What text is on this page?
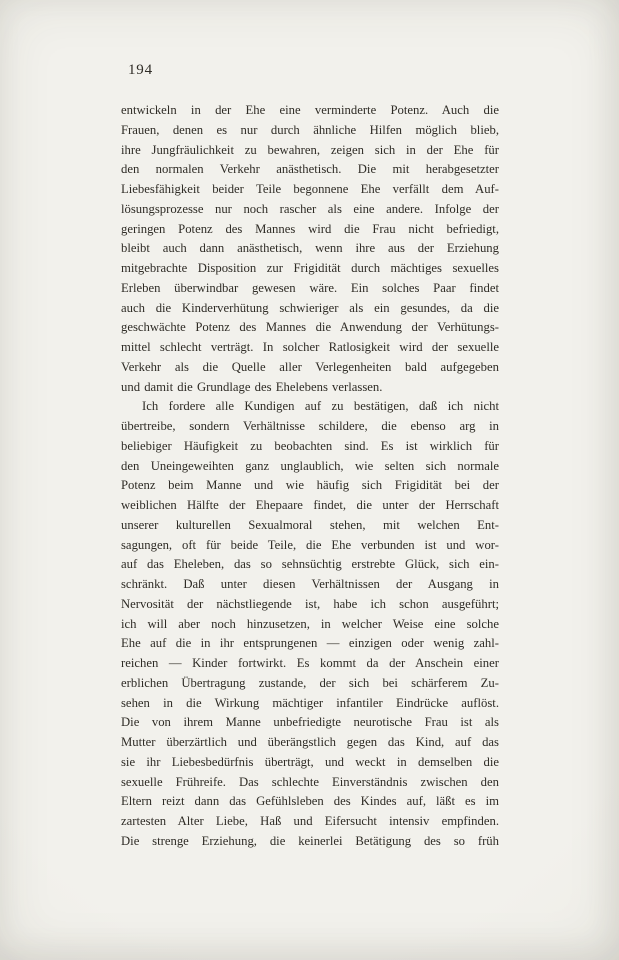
194
entwickeln in der Ehe eine verminderte Potenz. Auch die
Frauen, denen es nur durch ähnliche Hilfen möglich blieb,
ihre Jungfräulichkeit zu bewahren, zeigen sich in der Ehe für
den normalen Verkehr anästhetisch. Die mit herabgesetzter
Liebesfähigkeit beider Teile begonnene Ehe verfällt dem Auf-
lösungsprozesse nur noch rascher als eine andere. Infolge der
geringen Potenz des Mannes wird die Frau nicht befriedigt,
bleibt auch dann anästhetisch, wenn ihre aus der Erziehung
mitgebrachte Disposition zur Frigidität durch mächtiges sexuelles
Erleben überwindbar gewesen wäre. Ein solches Paar findet
auch die Kinderverhütung schwieriger als ein gesundes, da die
geschwächte Potenz des Mannes die Anwendung der Verhütungs-
mittel schlecht verträgt. In solcher Ratlosigkeit wird der sexuelle
Verkehr als die Quelle aller Verlegenheiten bald aufgegeben
und damit die Grundlage des Ehelebens verlassen.
Ich fordere alle Kundigen auf zu bestätigen, daß ich nicht
übertreibe, sondern Verhältnisse schildere, die ebenso arg in
beliebiger Häufigkeit zu beobachten sind. Es ist wirklich für
den Uneingeweihten ganz unglaublich, wie selten sich normale
Potenz beim Manne und wie häufig sich Frigidität bei der
weiblichen Hälfte der Ehepaare findet, die unter der Herrschaft
unserer kulturellen Sexualmoral stehen, mit welchen Ent-
sagungen, oft für beide Teile, die Ehe verbunden ist und wor-
auf das Eheleben, das so sehnsüchtig erstrebte Glück, sich ein-
schränkt. Daß unter diesen Verhältnissen der Ausgang in
Nervosität der nächstliegende ist, habe ich schon ausgeführt;
ich will aber noch hinzusetzen, in welcher Weise eine solche
Ehe auf die in ihr entsprungenen — einzigen oder wenig zahl-
reichen — Kinder fortwirkt. Es kommt da der Anschein einer
erblichen Übertragung zustande, der sich bei schärferem Zu-
sehen in die Wirkung mächtiger infantiler Eindrücke auflöst.
Die von ihrem Manne unbefriedigte neurotische Frau ist als
Mutter überzärtlich und überängstlich gegen das Kind, auf das
sie ihr Liebesbedürfnis überträgt, und weckt in demselben die
sexuelle Frühreife. Das schlechte Einverständnis zwischen den
Eltern reizt dann das Gefühlsleben des Kindes auf, läßt es im
zartesten Alter Liebe, Haß und Eifersucht intensiv empfinden.
Die strenge Erziehung, die keinerlei Betätigung des so früh
